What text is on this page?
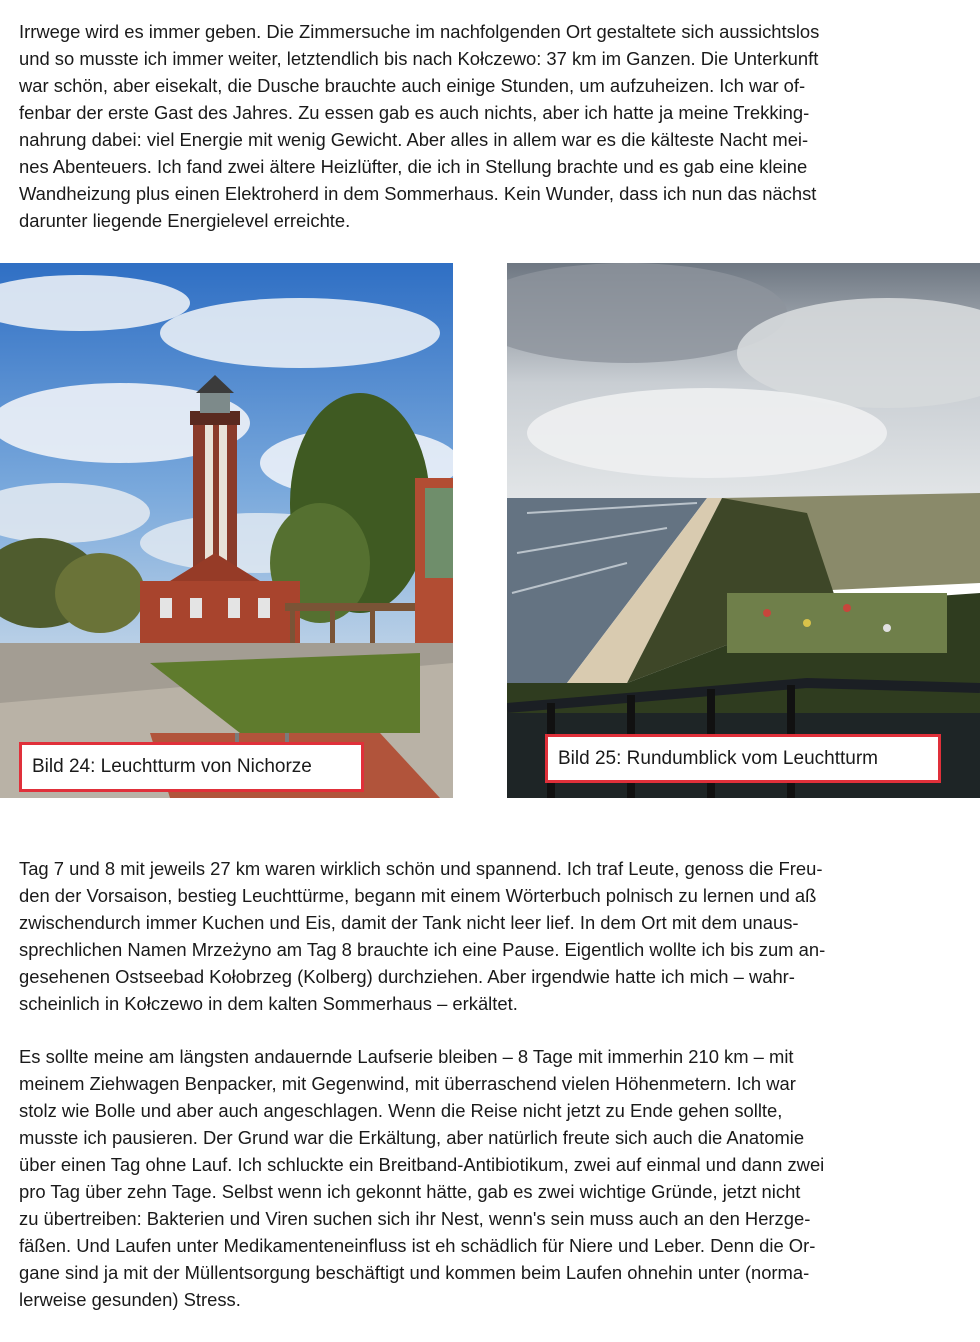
Irrwege wird es immer geben. Die Zimmersuche im nachfolgenden Ort gestaltete sich aussichtslos
und so musste ich immer weiter, letztendlich bis nach Kołczewo: 37 km im Ganzen. Die Unterkunft
war schön, aber eisekalt, die Dusche brauchte auch einige Stunden, um aufzuheizen. Ich war of-
fenbar der erste Gast des Jahres. Zu essen gab es auch nichts, aber ich hatte ja meine Trekking-
nahrung dabei: viel Energie mit wenig Gewicht. Aber alles in allem war es die kälteste Nacht mei-
nes Abenteuers. Ich fand zwei ältere Heizlüfter, die ich in Stellung brachte und es gab eine kleine
Wandheizung plus einen Elektroherd in dem Sommerhaus. Kein Wunder, dass ich nun das nächst
darunter liegende Energielevel erreichte.

Bild 24: Leuchtturm von Nichorze	Bild 25: Rundumblick vom Leuchtturm

Tag 7 und 8 mit jeweils 27 km waren wirklich schön und spannend. Ich traf Leute, genoss die Freu-
den der Vorsaison, bestieg Leuchttürme, begann mit einem Wörterbuch polnisch zu lernen und aß
zwischendurch immer Kuchen und Eis, damit der Tank nicht leer lief. In dem Ort mit dem unaus-
sprechlichen Namen Mrzeżyno am Tag 8 brauchte ich eine Pause. Eigentlich wollte ich bis zum an-
gesehenen Ostseebad Kołobrzeg (Kolberg) durchziehen. Aber irgendwie hatte ich mich – wahr-
scheinlich in Kołczewo in dem kalten Sommerhaus – erkältet.

Es sollte meine am längsten andauernde Laufserie bleiben – 8 Tage mit immerhin 210 km – mit
meinem Ziehwagen Benpacker, mit Gegenwind, mit überraschend vielen Höhenmetern. Ich war
stolz wie Bolle und aber auch angeschlagen. Wenn die Reise nicht jetzt zu Ende gehen sollte,
musste ich pausieren. Der Grund war die Erkältung, aber natürlich freute sich auch die Anatomie
über einen Tag ohne Lauf. Ich schluckte ein Breitband-Antibiotikum, zwei auf einmal und dann zwei
pro Tag über zehn Tage. Selbst wenn ich gekonnt hätte, gab es zwei wichtige Gründe, jetzt nicht
zu übertreiben: Bakterien und Viren suchen sich ihr Nest, wenn's sein muss auch an den Herzge-
fäßen. Und Laufen unter Medikamenteneinfluss ist eh schädlich für Niere und Leber. Denn die Or-
gane sind ja mit der Müllentsorgung beschäftigt und kommen beim Laufen ohnehin unter (norma-
lerweise gesunden) Stress.
